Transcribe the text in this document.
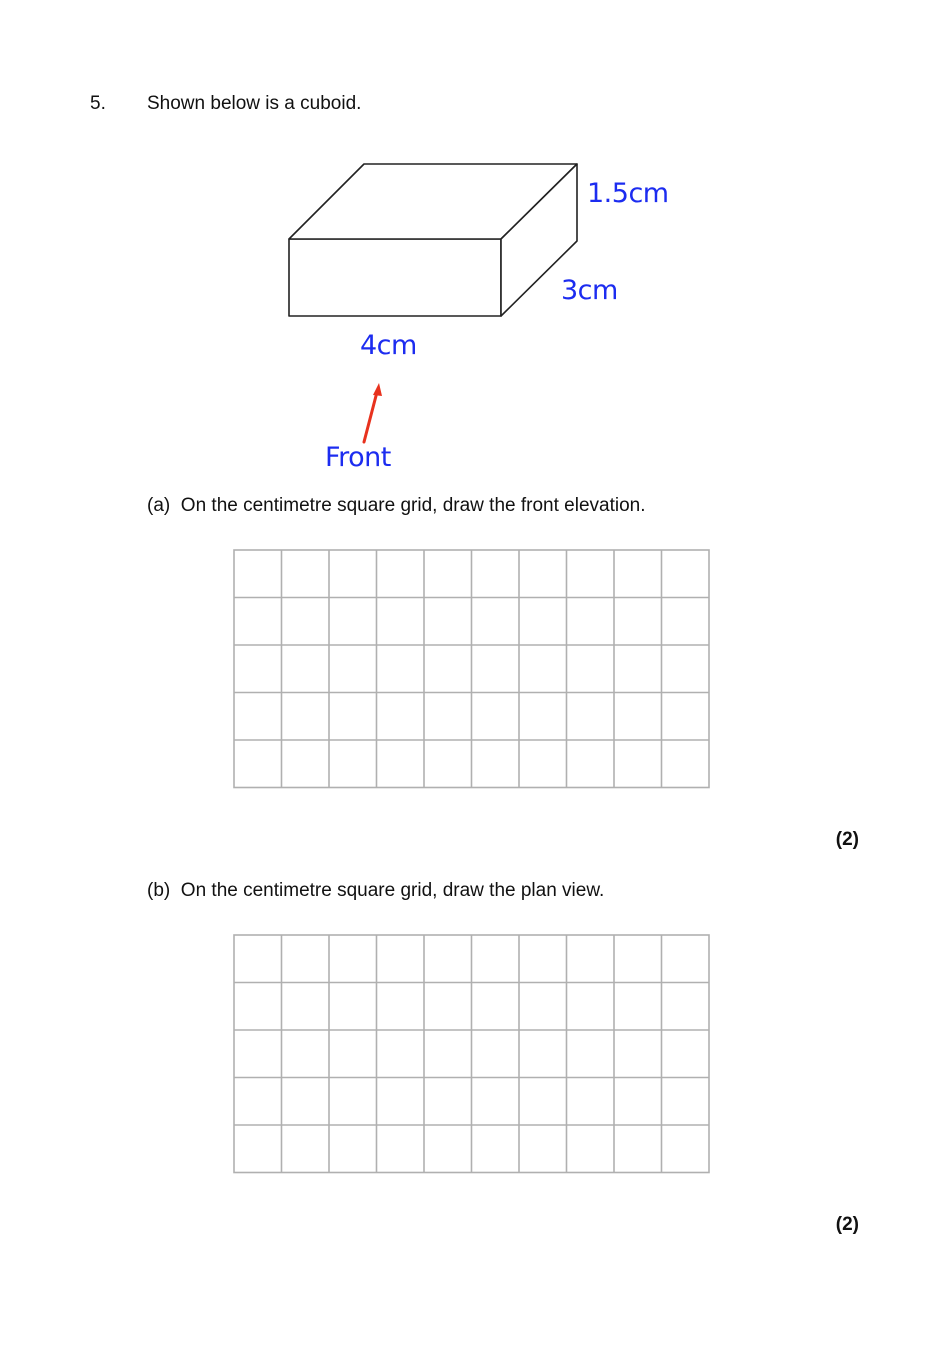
5. Shown below is a cuboid.
1.5cm
3cm
4cm
Front
(a) On the centimetre square grid, draw the front elevation.
(2)
(b) On the centimetre square grid, draw the plan view.
(2)
